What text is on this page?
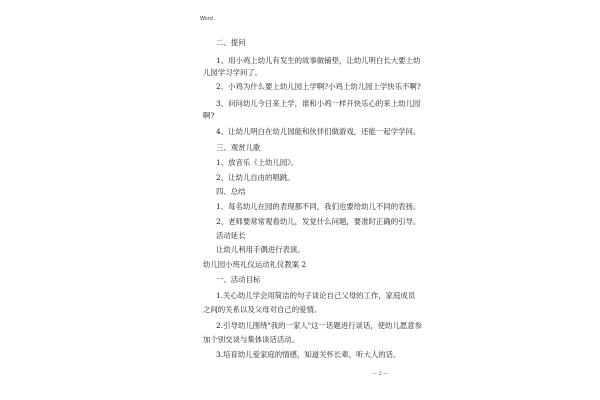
Word
二、提问
1、用小鸡上幼儿有发生的故事做铺垫，让幼儿明白长大要上幼
儿园学习学问了。
2、小鸡为什么要上幼儿园上学啊?小鸡上幼儿园上学快乐不啊?
3、问问幼儿今日来上学，谁和小鸡一样开快乐心的来上幼儿园
啊?
4、让幼儿明白在幼儿园能和伙伴们做游戏，还能一起学学问。
三、观赏儿歌
1、放音乐《上幼儿园》。
2、让幼儿自由的唱跳。
四、总结
1、每名幼儿在园的表现都不同，我们也要给幼儿不同的表扬。
2、老师要常常观看幼儿，发觉什么问题，要准时正确的引导。
活动延长
让幼儿利用手偶进行表演。
幼儿园小班礼仪运动礼仪教案 2
一、活动目标
1.关心幼儿学会用简洁的句子谈论自己父母的工作，家庭成员
之间的关系以及父母对自己的爱情。
2.引导幼儿围绕"我的一家人"这一话题进行谈话，使幼儿愿意参
加个别交谈与集体谈话活动。
3.培育幼儿爱家庭的情感，知道关怀长辈，听大人的话。
— 2 —
